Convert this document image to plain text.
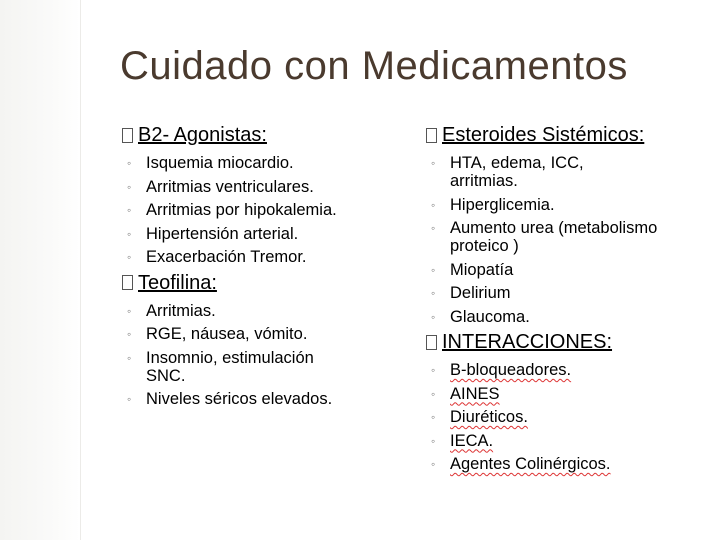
Cuidado con Medicamentos
B2- Agonistas:
◦ Isquemia miocardio.
◦ Arritmias ventriculares.
◦ Arritmias por hipokalemia.
◦ Hipertensión arterial.
◦ Exacerbación Tremor.
Teofilina:
◦ Arritmias.
◦ RGE, náusea, vómito.
◦ Insomnio, estimulación SNC.
◦ Niveles séricos elevados.
Esteroides Sistémicos:
◦ HTA, edema, ICC, arritmias.
◦ Hiperglicemia.
◦ Aumento urea (metabolismo proteico )
◦ Miopatía
◦ Delirium
◦ Glaucoma.
INTERACCIONES:
◦ B-bloqueadores.
◦ AINES
◦ Diuréticos.
◦ IECA.
◦ Agentes Colinérgicos.
